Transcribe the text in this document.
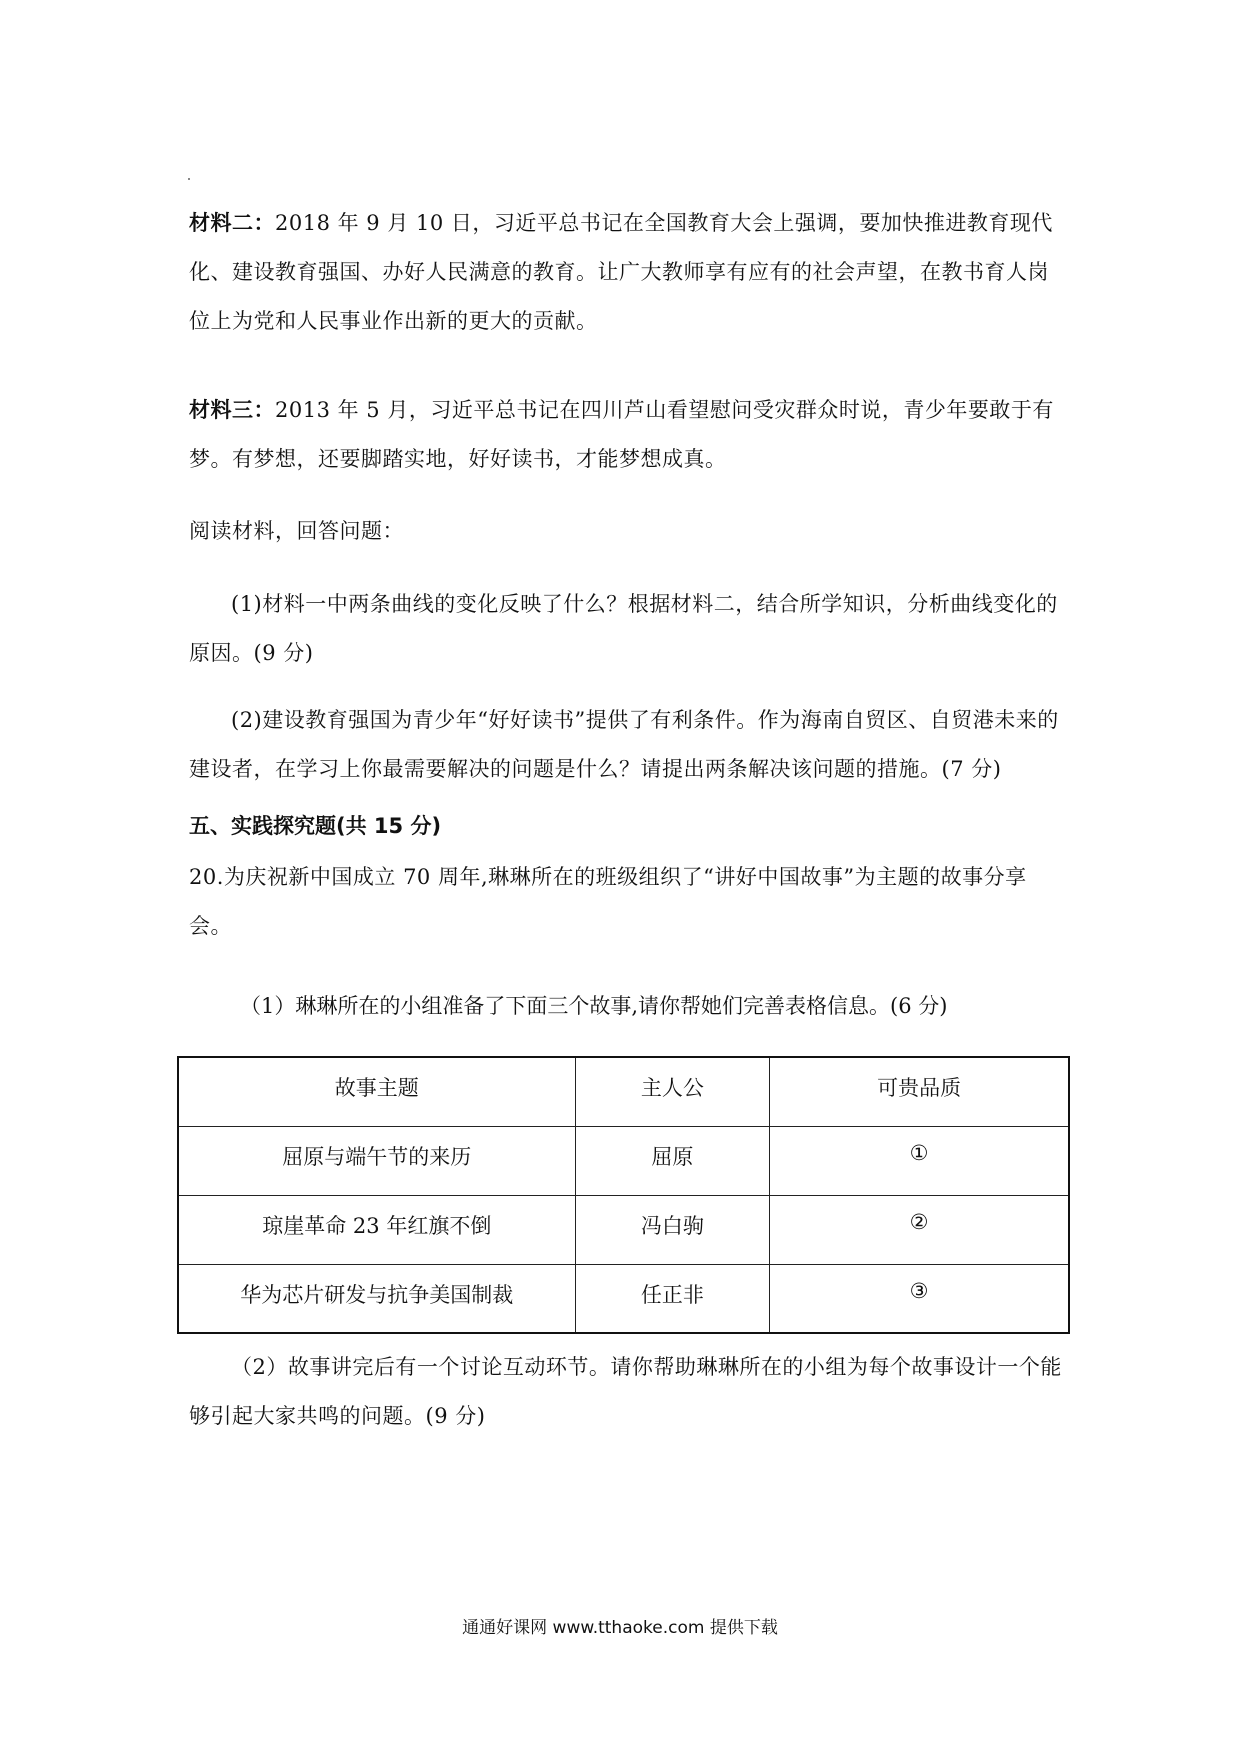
材料二：2018 年 9 月 10 日，习近平总书记在全国教育大会上强调，要加快推进教育现代化、建设教育强国、办好人民满意的教育。让广大教师享有应有的社会声望，在教书育人岗位上为党和人民事业作出新的更大的贡献。

材料三：2013 年 5 月，习近平总书记在四川芦山看望慰问受灾群众时说，青少年要敢于有梦。有梦想，还要脚踏实地，好好读书，才能梦想成真。

阅读材料，回答问题：

(1)材料一中两条曲线的变化反映了什么？根据材料二，结合所学知识，分析曲线变化的原因。(9 分)

(2)建设教育强国为青少年“好好读书”提供了有利条件。作为海南自贸区、自贸港未来的建设者，在学习上你最需要解决的问题是什么？请提出两条解决该问题的措施。(7 分)

五、实践探究题(共 15 分)

20.为庆祝新中国成立 70 周年,琳琳所在的班级组织了“讲好中国故事”为主题的故事分享会。

（1）琳琳所在的小组准备了下面三个故事,请你帮她们完善表格信息。(6 分)

故事主题	主人公	可贵品质
屈原与端午节的来历	屈原	①
琼崖革命 23 年红旗不倒	冯白驹	②
华为芯片研发与抗争美国制裁	任正非	③

（2）故事讲完后有一个讨论互动环节。请你帮助琳琳所在的小组为每个故事设计一个能够引起大家共鸣的问题。(9 分)

通通好课网 www.tthaoke.com 提供下载
